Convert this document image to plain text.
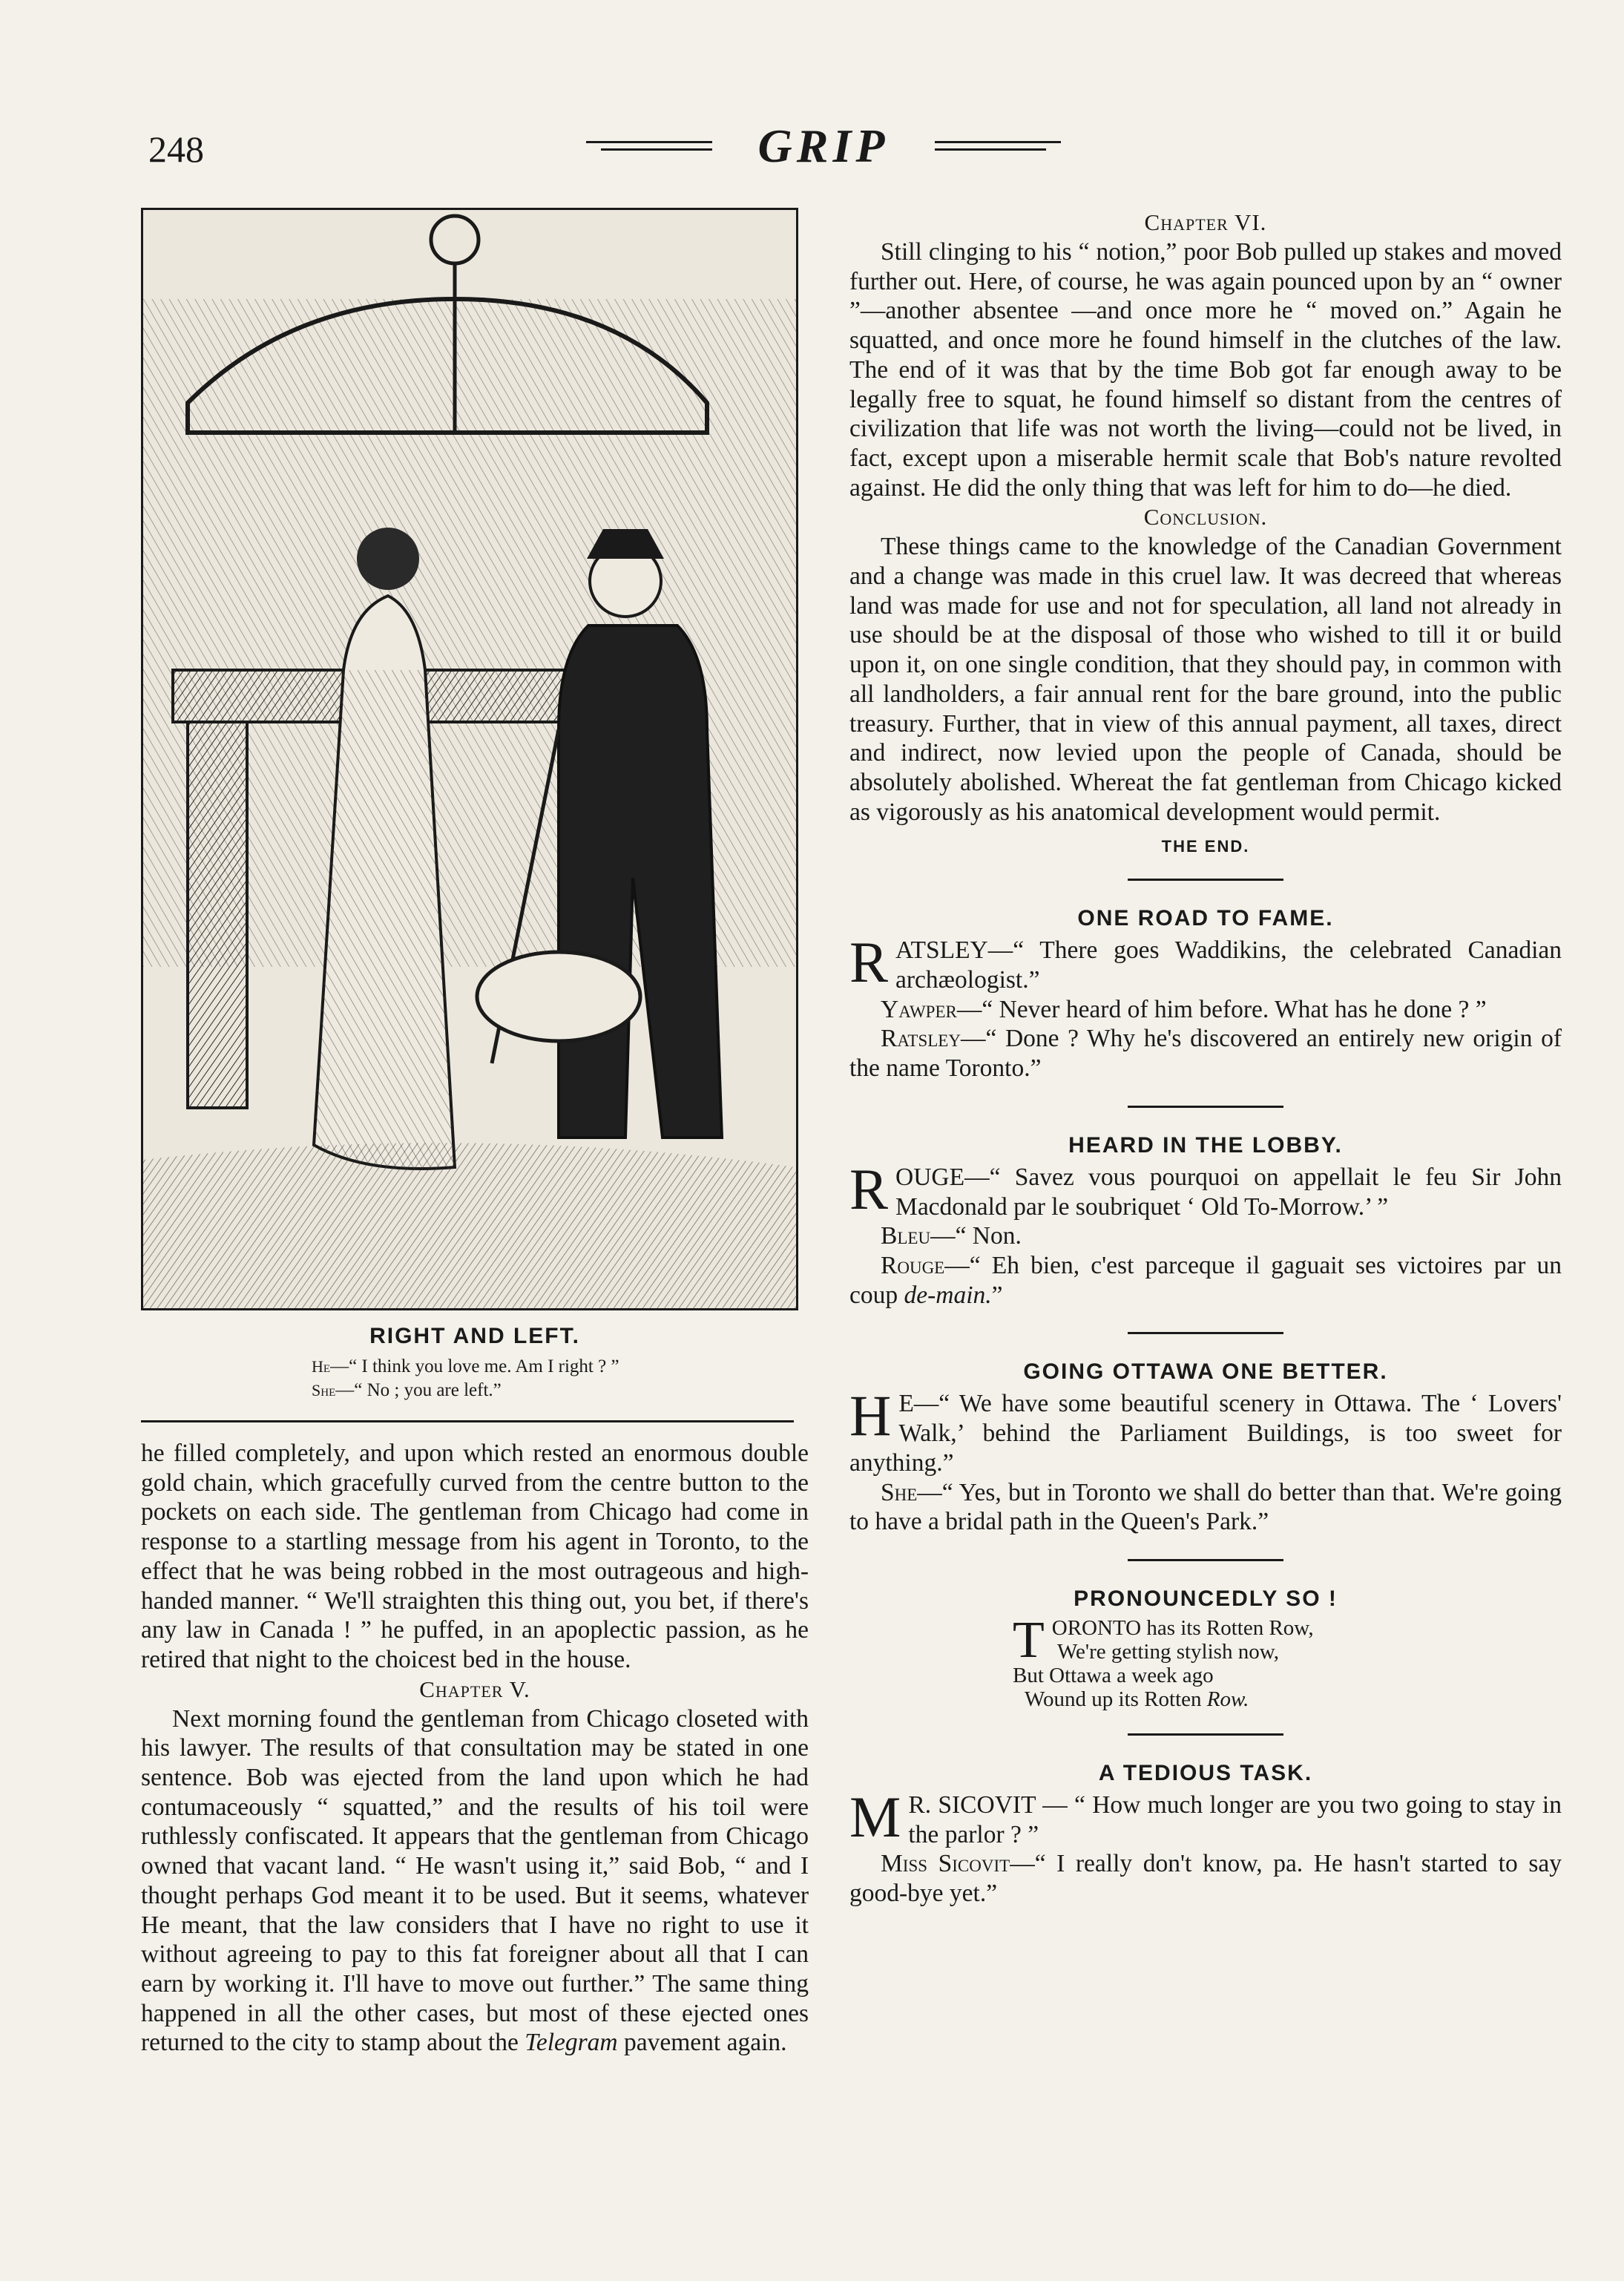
248	GRIP
RIGHT AND LEFT.
He—“ I think you love me. Am I right ? ”
She—“ No ; you are left.”

he filled completely, and upon which rested an enormous double gold chain, which gracefully curved from the centre button to the pockets on each side. The gentleman from Chicago had come in response to a startling message from his agent in Toronto, to the effect that he was being robbed in the most outrageous and high-handed manner. “ We'll straighten this thing out, you bet, if there's any law in Canada ! ” he puffed, in an apoplectic passion, as he retired that night to the choicest bed in the house.

Chapter V.

Next morning found the gentleman from Chicago closeted with his lawyer. The results of that consultation may be stated in one sentence. Bob was ejected from the land upon which he had contumaceously “ squatted,” and the results of his toil were ruthlessly confiscated. It appears that the gentleman from Chicago owned that vacant land. “ He wasn't using it,” said Bob, “ and I thought perhaps God meant it to be used. But it seems, whatever He meant, that the law considers that I have no right to use it without agreeing to pay to this fat foreigner about all that I can earn by working it. I'll have to move out further.” The same thing happened in all the other cases, but most of these ejected ones returned to the city to stamp about the Telegram pavement again.

Chapter VI.

Still clinging to his “ notion,” poor Bob pulled up stakes and moved further out. Here, of course, he was again pounced upon by an “ owner ”—another absentee —and once more he “ moved on.” Again he squatted, and once more he found himself in the clutches of the law. The end of it was that by the time Bob got far enough away to be legally free to squat, he found himself so distant from the centres of civilization that life was not worth the living—could not be lived, in fact, except upon a miserable hermit scale that Bob's nature revolted against. He did the only thing that was left for him to do—he died.

Conclusion.

These things came to the knowledge of the Canadian Government and a change was made in this cruel law. It was decreed that whereas land was made for use and not for speculation, all land not already in use should be at the disposal of those who wished to till it or build upon it, on one single condition, that they should pay, in common with all landholders, a fair annual rent for the bare ground, into the public treasury. Further, that in view of this annual payment, all taxes, direct and indirect, now levied upon the people of Canada, should be absolutely abolished. Whereat the fat gentleman from Chicago kicked as vigorously as his anatomical development would permit.

THE END.
ONE ROAD TO FAME.

RATSLEY—“ There goes Waddikins, the celebrated Canadian archæologist.”

Yawper—“ Never heard of him before. What has he done ? ”

Ratsley—“ Done ? Why he's discovered an entirely new origin of the name Toronto.”

HEARD IN THE LOBBY.

ROUGE—“ Savez vous pourquoi on appellait le feu Sir John Macdonald par le soubriquet ‘ Old To-Morrow.’ ”

Bleu—“ Non.

Rouge—“ Eh bien, c'est parceque il gaguait ses victoires par un coup de-main.”

GOING OTTAWA ONE BETTER.

H E—“ We have some beautiful scenery in Ottawa. The ‘ Lovers' Walk,’ behind the Parliament Buildings, is too sweet for anything.”

She—“ Yes, but in Toronto we shall do better than that. We're going to have a bridal path in the Queen's Park.”

PRONOUNCEDLY SO !
TORONTO has its Rotten Row,
We're getting stylish now,
But Ottawa a week ago
Wound up its Rotten Row.
A TEDIOUS TASK.

M R. SICOVIT — “ How much longer are you two going to stay in the parlor ? ”

Miss Sicovit—“ I really don't know, pa. He hasn't started to say good-bye yet.”
